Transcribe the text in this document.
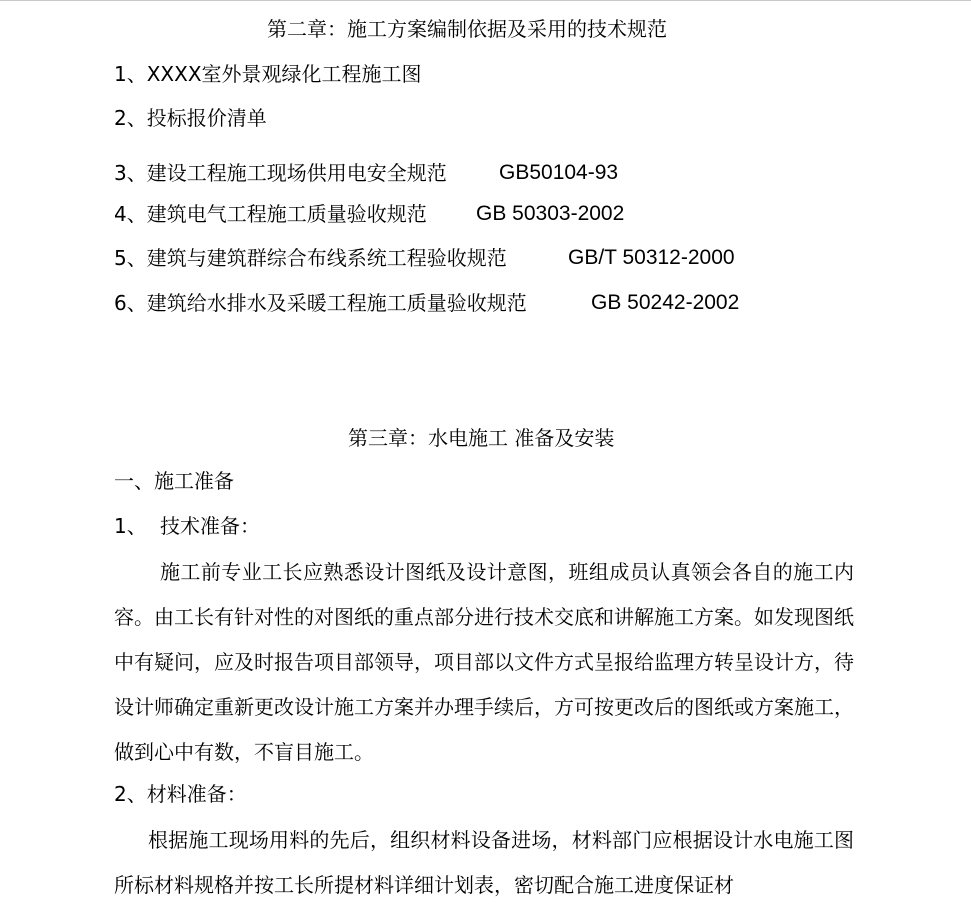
第二章：施工方案编制依据及采用的技术规范
1、XXXX室外景观绿化工程施工图
2、投标报价清单
3、建设工程施工现场供用电安全规范 GB50104-93
4、建筑电气工程施工质量验收规范 GB 50303-2002
5、建筑与建筑群综合布线系统工程验收规范	GB/T 50312-2000
6、建筑给水排水及采暖工程施工质量验收规范	GB 50242-2002
第三章：水电施工 准备及安装
一、施工准备
1、 技术准备：
施工前专业工长应熟悉设计图纸及设计意图，班组成员认真领会各自的施工内容。由工长有针对性的对图纸的重点部分进行技术交底和讲解施工方案。如发现图纸中有疑问，应及时报告项目部领导，项目部以文件方式呈报给监理方转呈设计方，待设计师确定重新更改设计施工方案并办理手续后，方可按更改后的图纸或方案施工，做到心中有数，不盲目施工。
2、材料准备：
根据施工现场用料的先后，组织材料设备进场，材料部门应根据设计水电施工图所标材料规格并按工长所提材料详细计划表，密切配合施工进度保证材
